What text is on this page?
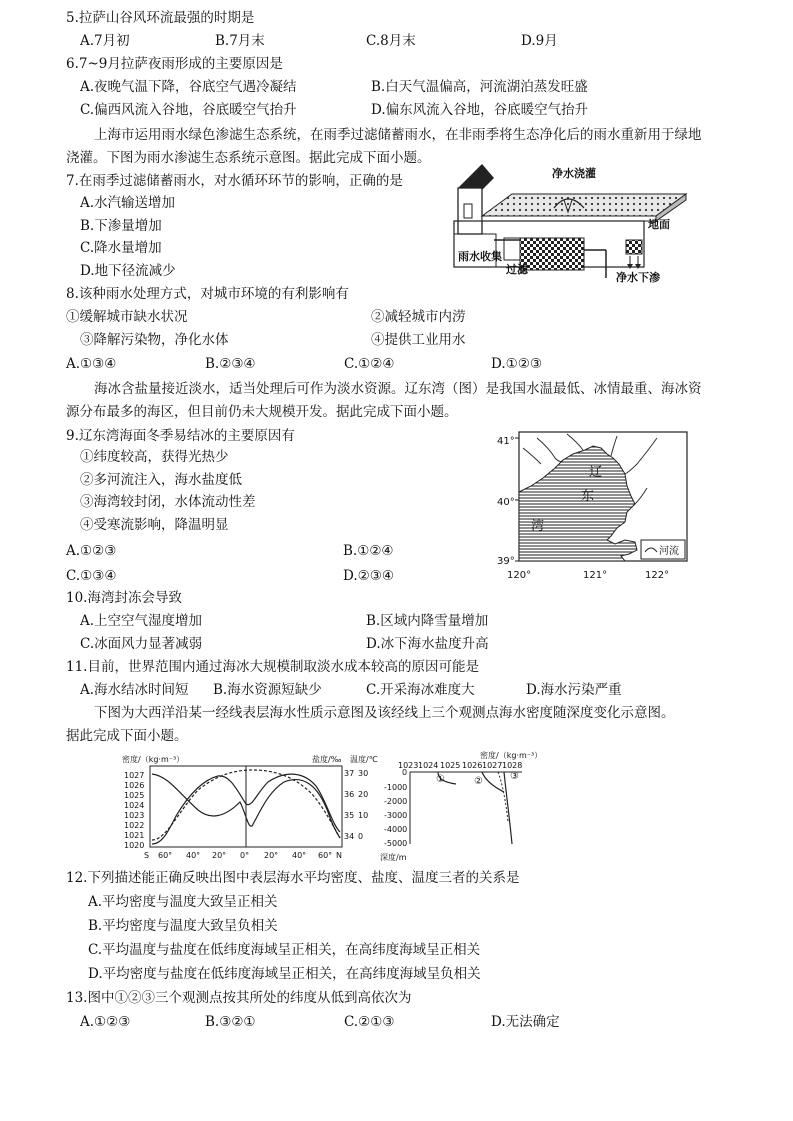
5.拉萨山谷风环流最强的时期是
A.7月初	B.7月末	C.8月末	D.9月
6.7~9月拉萨夜雨形成的主要原因是
A.夜晚气温下降，谷底空气遇冷凝结	B.白天气温偏高，河流湖泊蒸发旺盛
C.偏西风流入谷地，谷底暖空气抬升	D.偏东风流入谷地，谷底暖空气抬升
上海市运用雨水绿色渗滤生态系统，在雨季过滤储蓄雨水，在非雨季将生态净化后的雨水重新用于绿地
浇灌。下图为雨水渗滤生态系统示意图。据此完成下面小题。
7.在雨季过滤储蓄雨水，对水循环环节的影响，正确的是
A.水汽输送增加
B.下渗量增加
C.降水量增加
D.地下径流减少
净水浇灌
地面
雨水收集
过滤
净水下渗
8.该种雨水处理方式，对城市环境的有利影响有
①缓解城市缺水状况	②减轻城市内涝
③降解污染物，净化水体	④提供工业用水
A.①③④	B.②③④	C.①②④	D.①②③
海冰含盐量接近淡水，适当处理后可作为淡水资源。辽东湾（图）是我国水温最低、冰情最重、海冰资
源分布最多的海区，但目前仍未大规模开发。据此完成下面小题。
9.辽东湾海面冬季易结冰的主要原因有
①纬度较高，获得光热少
②多河流注入，海水盐度低
③海湾较封闭，水体流动性差
④受寒流影响，降温明显
A.①②③	B.①②④
C.①③④	D.②③④
41°
40°
39°
120°	121°	122°
辽
东
湾
河流
10.海湾封冻会导致
A.上空空气湿度增加	B.区域内降雪量增加
C.冰面风力显著减弱	D.冰下海水盐度升高
11.目前，世界范围内通过海冰大规模制取淡水成本较高的原因可能是
A.海水结冰时间短 B.海水资源短缺少	C.开采海冰难度大	D.海水污染严重
下图为大西洋沿某一经线表层海水性质示意图及该经线上三个观测点海水密度随深度变化示意图。
据此完成下面小题。
1027
1026
1025
1024
1023
1022
1021
1020
37
36
35
34
30
20
10
0
密度/（kg·m⁻³）	盐度/‰ 温度/℃
S 60° 40° 20° 0° 20° 40° 60° N
密度/（kg·m⁻³）
1023 1024 1025 1026 1027 1028
0
-1000
-2000
-3000
-4000
-5000
深度/m
①	②	③
12.下列描述能正确反映出图中表层海水平均密度、盐度、温度三者的关系是
A.平均密度与温度大致呈正相关
B.平均密度与温度大致呈负相关
C.平均温度与盐度在低纬度海域呈正相关，在高纬度海域呈正相关
D.平均密度与盐度在低纬度海域呈正相关，在高纬度海域呈负相关
13.图中①②③三个观测点按其所处的纬度从低到高依次为
A.①②③	B.③②①	C.②①③	D.无法确定
